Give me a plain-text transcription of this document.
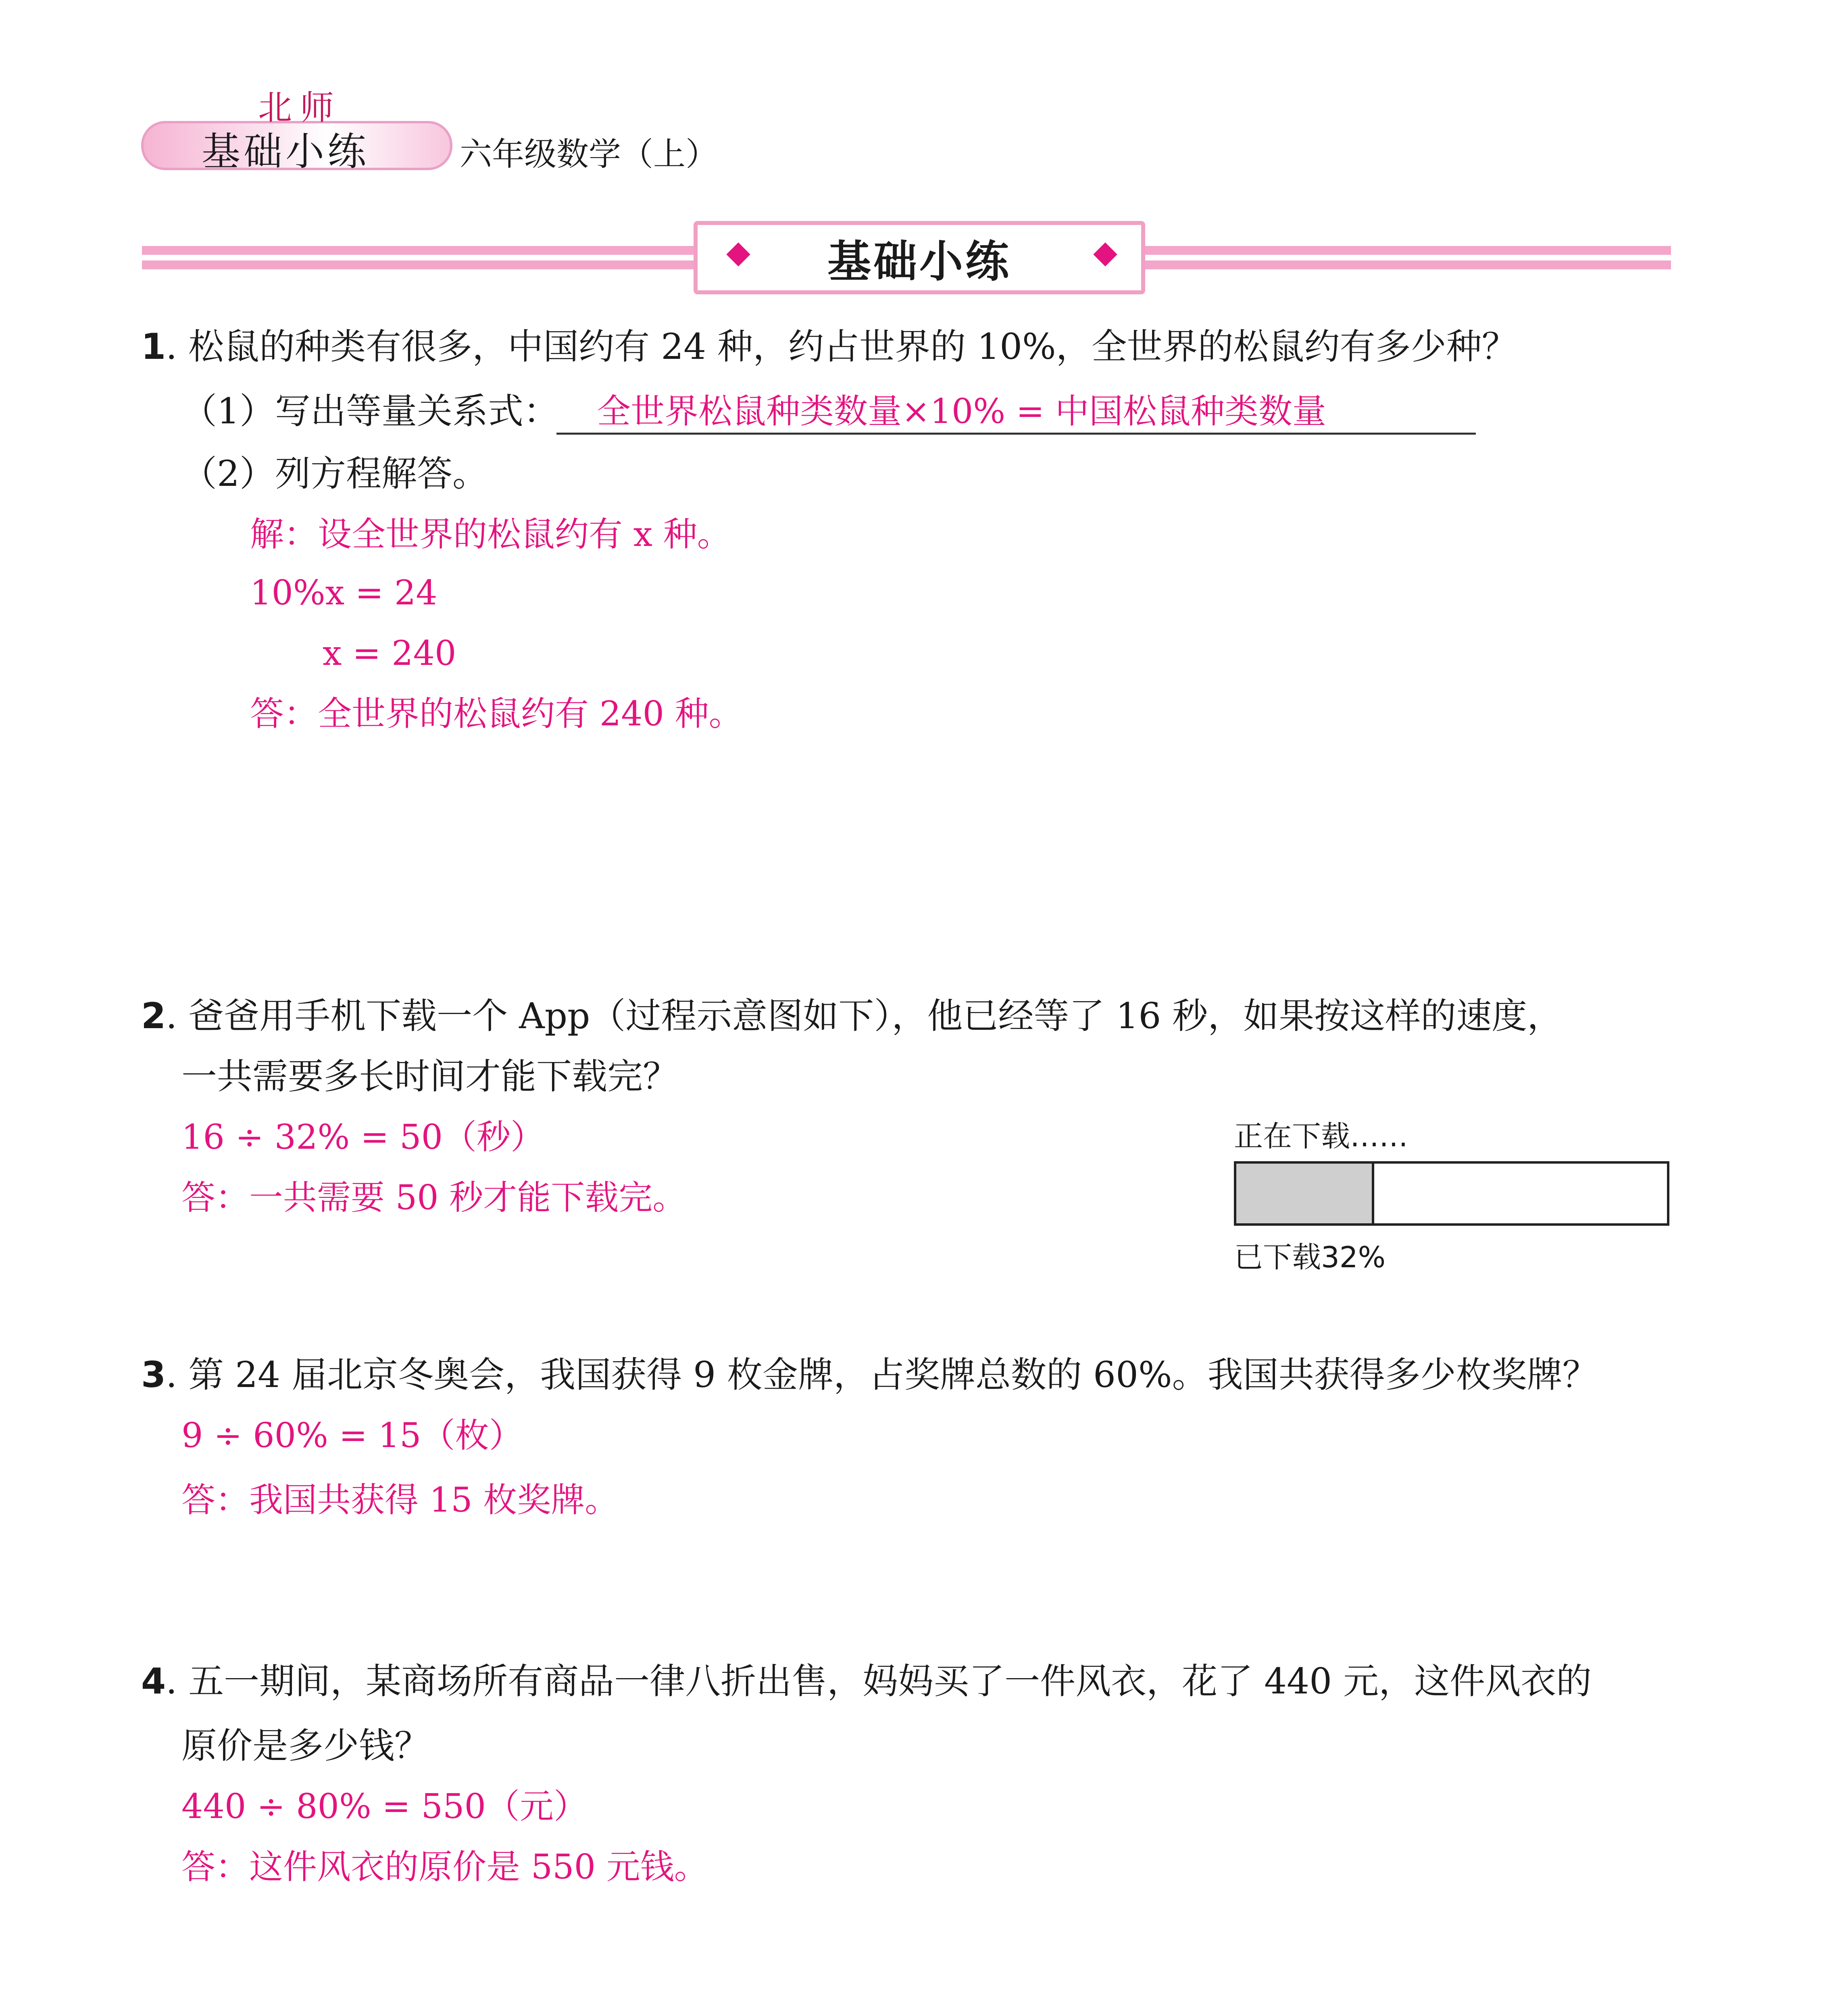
北师
基础小练	六年级数学（上）
基础小练
1. 松鼠的种类有很多，中国约有 24 种，约占世界的 10%，全世界的松鼠约有多少种？
（1）写出等量关系式：	全世界松鼠种类数量×10% = 中国松鼠种类数量
（2）列方程解答。
解：设全世界的松鼠约有 x 种。
10%x = 24
x = 240
答：全世界的松鼠约有 240 种。
2. 爸爸用手机下载一个 App（过程示意图如下），他已经等了 16 秒，如果按这样的速度，
一共需要多长时间才能下载完？
16 ÷ 32% = 50（秒）
答：一共需要 50 秒才能下载完。
正在下载……
已下载32%
3. 第 24 届北京冬奥会，我国获得 9 枚金牌，占奖牌总数的 60%。我国共获得多少枚奖牌？
9 ÷ 60% = 15（枚）
答：我国共获得 15 枚奖牌。
4. 五一期间，某商场所有商品一律八折出售，妈妈买了一件风衣，花了 440 元，这件风衣的
原价是多少钱？
440 ÷ 80% = 550（元）
答：这件风衣的原价是 550 元钱。
